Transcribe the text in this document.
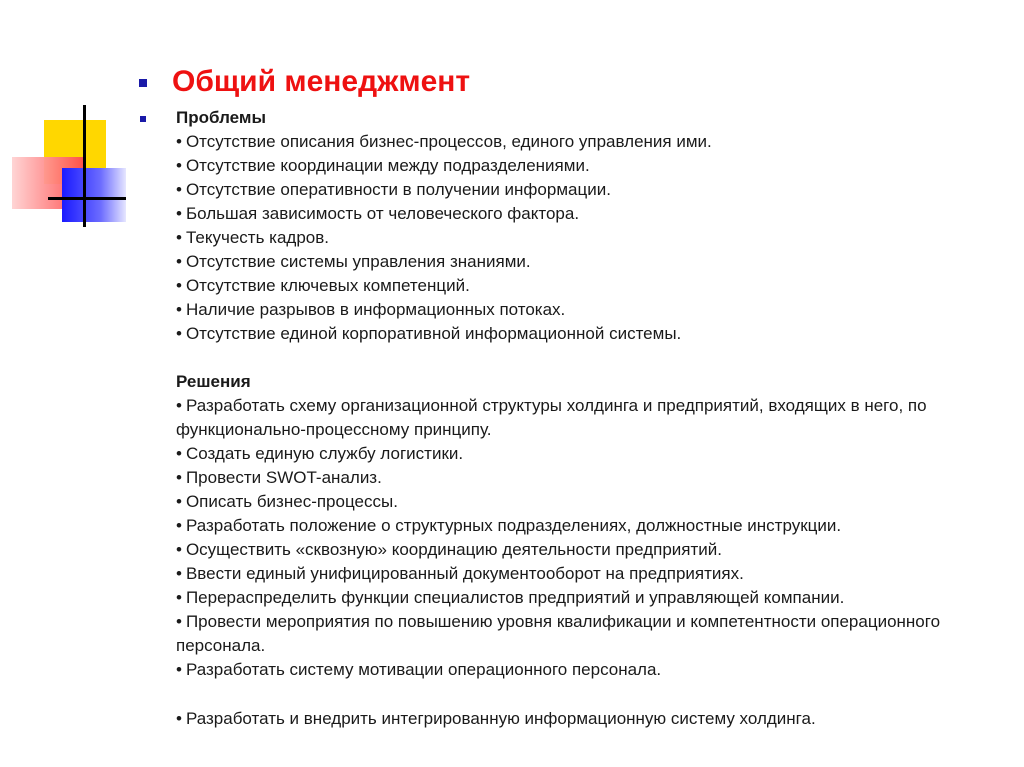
Общий менеджмент

Проблемы

• Отсутствие описания бизнес-процессов, единого управления ими.
• Отсутствие координации между подразделениями.
• Отсутствие оперативности в получении информации.
• Большая зависимость от человеческого фактора.
• Текучесть кадров.
• Отсутствие системы управления знаниями.
• Отсутствие ключевых компетенций.
• Наличие разрывов в информационных потоках.
• Отсутствие единой корпоративной информационной системы.

Решения

• Разработать схему организационной структуры холдинга и предприятий, входящих в него, по функционально-процессному принципу.
• Создать единую службу логистики.
• Провести SWOT-анализ.
• Описать бизнес-процессы.
• Разработать положение о структурных подразделениях, должностные инструкции.
• Осуществить «сквозную» координацию деятельности предприятий.
• Ввести единый унифицированный документооборот на предприятиях.
• Перераспределить функции специалистов предприятий и управляющей компании.
• Провести мероприятия по повышению уровня квалификации и компетентности операционного персонала.
• Разработать систему мотивации операционного персонала.
• Разработать и внедрить интегрированную информационную систему холдинга.
